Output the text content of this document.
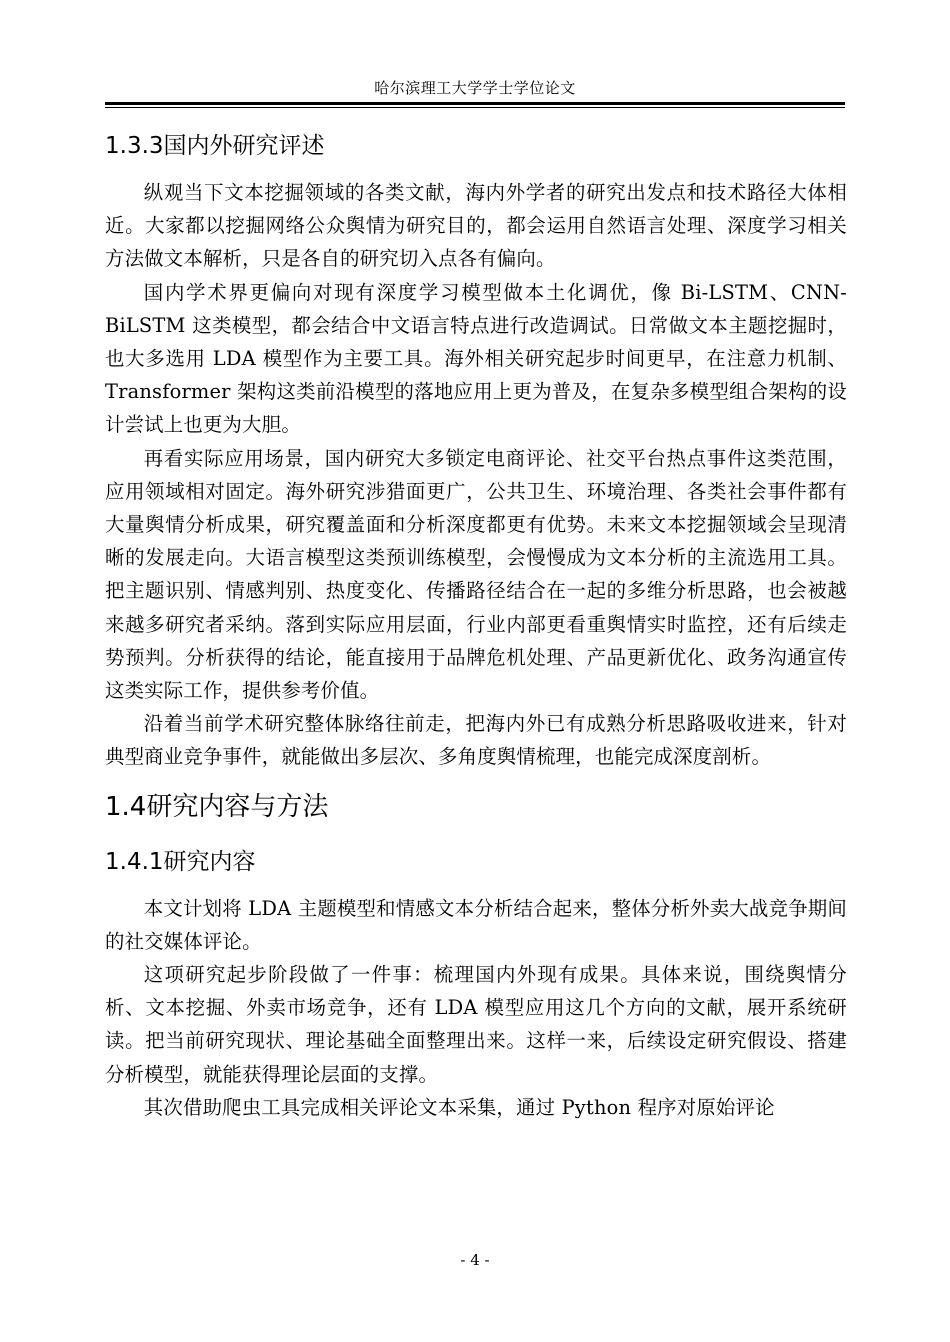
哈尔滨理工大学学士学位论文
1.3.3国内外研究评述

纵观当下文本挖掘领域的各类文献，海内外学者的研究出发点和技术路径大体相近。大家都以挖掘网络公众舆情为研究目的，都会运用自然语言处理、深度学习相关方法做文本解析，只是各自的研究切入点各有偏向。

国内学术界更偏向对现有深度学习模型做本土化调优，像 Bi-LSTM、CNN-BiLSTM 这类模型，都会结合中文语言特点进行改造调试。日常做文本主题挖掘时，也大多选用 LDA 模型作为主要工具。海外相关研究起步时间更早，在注意力机制、Transformer 架构这类前沿模型的落地应用上更为普及，在复杂多模型组合架构的设计尝试上也更为大胆。

再看实际应用场景，国内研究大多锁定电商评论、社交平台热点事件这类范围，应用领域相对固定。海外研究涉猎面更广，公共卫生、环境治理、各类社会事件都有大量舆情分析成果，研究覆盖面和分析深度都更有优势。未来文本挖掘领域会呈现清晰的发展走向。大语言模型这类预训练模型，会慢慢成为文本分析的主流选用工具。把主题识别、情感判别、热度变化、传播路径结合在一起的多维分析思路，也会被越来越多研究者采纳。落到实际应用层面，行业内部更看重舆情实时监控，还有后续走势预判。分析获得的结论，能直接用于品牌危机处理、产品更新优化、政务沟通宣传这类实际工作，提供参考价值。

沿着当前学术研究整体脉络往前走，把海内外已有成熟分析思路吸收进来，针对典型商业竞争事件，就能做出多层次、多角度舆情梳理，也能完成深度剖析。

1.4研究内容与方法
1.4.1研究内容

本文计划将 LDA 主题模型和情感文本分析结合起来，整体分析外卖大战竞争期间的社交媒体评论。

这项研究起步阶段做了一件事：梳理国内外现有成果。具体来说，围绕舆情分析、文本挖掘、外卖市场竞争，还有 LDA 模型应用这几个方向的文献，展开系统研读。把当前研究现状、理论基础全面整理出来。这样一来，后续设定研究假设、搭建分析模型，就能获得理论层面的支撑。

其次借助爬虫工具完成相关评论文本采集，通过 Python 程序对原始评论

- 4 -
